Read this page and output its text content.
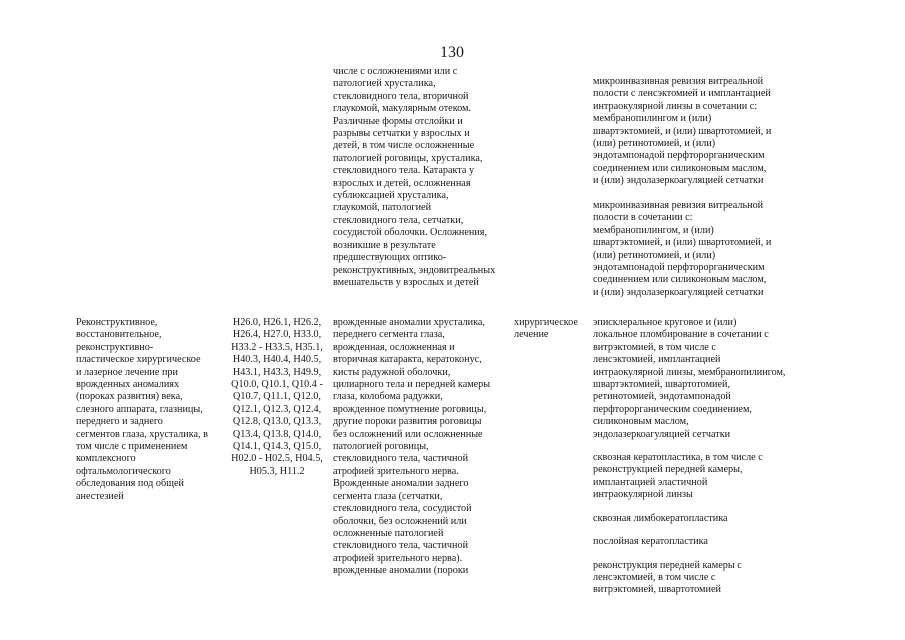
130

числе с осложнениями или с
патологией хрусталика,
стекловидного тела, вторичной
глаукомой, макулярным отеком.
Различные формы отслойки и
разрывы сетчатки у взрослых и
детей, в том числе осложненные
патологией роговицы, хрусталика,
стекловидного тела. Катаракта у
взрослых и детей, осложненная
сублюксацией хрусталика,
глаукомой, патологией
стекловидного тела, сетчатки,
сосудистой оболочки. Осложнения,
возникшие в результате
предшествующих оптико-
реконструктивных, эндовитреальных
вмешательств у взрослых и детей

микроинвазивная ревизия витреальной
полости с ленсэктомией и имплантацией
интраокулярной линзы в сочетании с:
мембранопилингом и (или)
швартэктомией, и (или) швартотомией, и
(или) ретинотомией, и (или)
эндотампонадой перфторорганическим
соединением или силиконовым маслом,
и (или) эндолазеркоагуляцией сетчатки

микроинвазивная ревизия витреальной
полости в сочетании с:
мембранопилингом, и (или)
швартэктомией, и (или) швартотомией, и
(или) ретинотомией, и (или)
эндотампонадой перфторорганическим
соединением или силиконовым маслом,
и (или) эндолазеркоагуляцией сетчатки

Реконструктивное,
восстановительное,
реконструктивно-
пластическое хирургическое
и лазерное лечение при
врожденных аномалиях
(пороках развития) века,
слезного аппарата, глазницы,
переднего и заднего
сегментов глаза, хрусталика, в
том числе с применением
комплексного
офтальмологического
обследования под общей
анестезией

H26.0, H26.1, H26.2,
H26.4, H27.0, H33.0,
H33.2 - H33.5, H35.1,
H40.3, H40.4, H40.5,
H43.1, H43.3, H49.9,
Q10.0, Q10.1, Q10.4 -
Q10.7, Q11.1, Q12.0,
Q12.1, Q12.3, Q12.4,
Q12.8, Q13.0, Q13.3,
Q13.4, Q13.8, Q14.0,
Q14.1, Q14.3, Q15.0,
H02.0 - H02.5, H04.5,
H05.3, H11.2

врожденные аномалии хрусталика,
переднего сегмента глаза,
врожденная, осложненная и
вторичная катаракта, кератоконус,
кисты радужной оболочки,
цилиарного тела и передней камеры
глаза, колобома радужки,
врожденное помутнение роговицы,
другие пороки развития роговицы
без осложнений или осложненные
патологией роговицы,
стекловидного тела, частичной
атрофией зрительного нерва.
Врожденные аномалии заднего
сегмента глаза (сетчатки,
стекловидного тела, сосудистой
оболочки, без осложнений или
осложненные патологией
стекловидного тела, частичной
атрофией зрительного нерва).
врожденные аномалии (пороки

хирургическое
лечение

эписклеральное круговое и (или)
локальное пломбирование в сочетании с
витрэктомией, в том числе с
ленсэктомией, имплантацией
интраокулярной линзы, мембранопилингом,
швартэктомией, швартотомией,
ретинотомией, эндотампонадой
перфторорганическим соединением,
силиконовым маслом,
эндолазеркоагуляцией сетчатки

сквозная кератопластика, в том числе с
реконструкцией передней камеры,
имплантацией эластичной
интраокулярной линзы

сквозная лимбокератопластика

послойная кератопластика

реконструкция передней камеры с
ленсэктомией, в том числе с
витрэктомией, швартотомией
